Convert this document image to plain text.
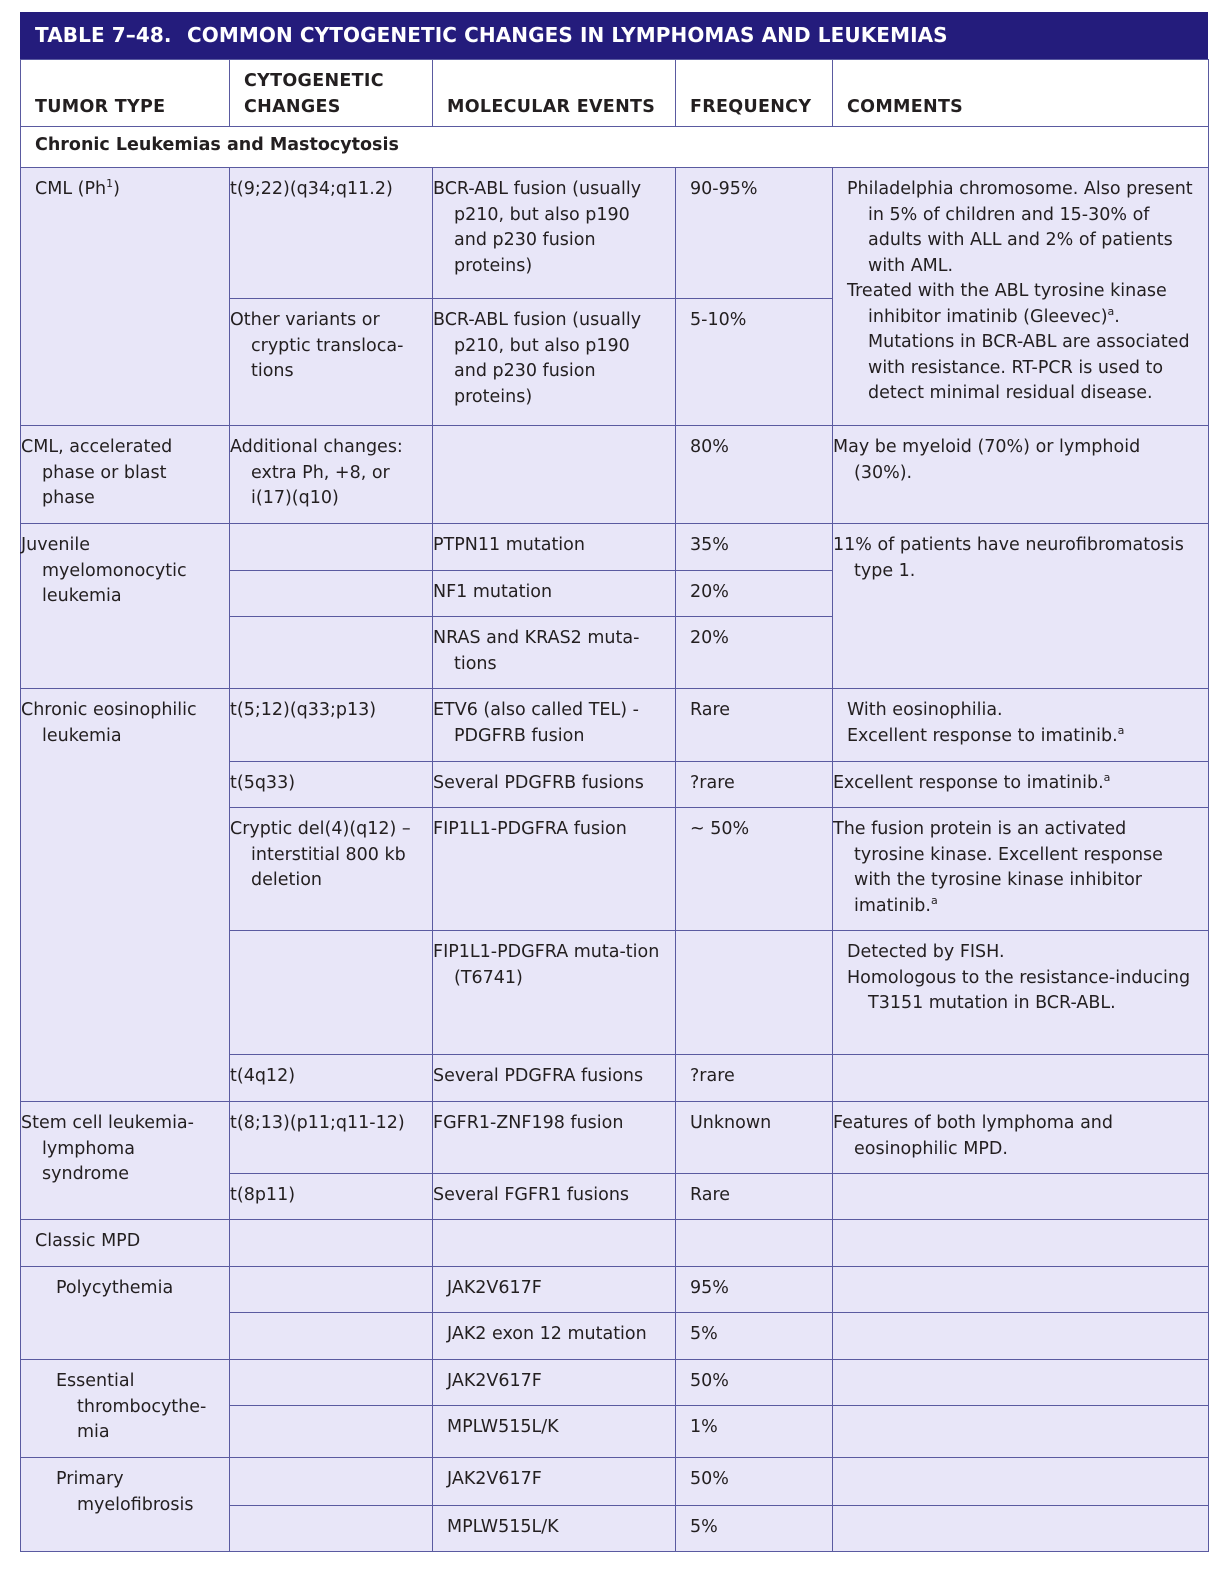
TABLE 7–48. COMMON CYTOGENETIC CHANGES IN LYMPHOMAS AND LEUKEMIAS
TUMOR TYPE	CYTOGENETIC CHANGES	MOLECULAR EVENTS	FREQUENCY	COMMENTS
Chronic Leukemias and Mastocytosis				
CML (Ph$^1$)	t(9;22)(q34;q11.2)	BCR-ABL fusion (usually p210, but also p190 and p230 fusion proteins)	90-95%	Philadelphia chromosome. Also present in 5% of children and 15-30% of adults with ALL and 2% of patients with AML.
Treated with the ABL tyrosine kinase inhibitor imatinib (Gleevec)$^a$. Mutations in BCR-ABL are associated with resistance. RT-PCR is used to detect minimal residual disease.

	Other variants or cryptic transloca-tions	BCR-ABL fusion (usually p210, but also p190 and p230 fusion proteins)	5-10%	
CML, accelerated phase or blast phase	Additional changes: extra Ph, +8, or i(17)(q10)		80%	May be myeloid (70%) or lymphoid (30%).
Juvenile myelomonocytic leukemia		PTPN11 mutation	35%	11% of patients have neurofibromatosis type 1.
		NF1 mutation	20%	
		NRAS and KRAS2 muta-tions	20%	
Chronic eosinophilic leukemia	t(5;12)(q33;p13)	ETV6 (also called TEL) - PDGFRB fusion	Rare	With eosinophilia.
Excellent response to imatinib.$^a$

	t(5q33)	Several PDGFRB fusions	?rare	Excellent response to imatinib.$^a$
	Cryptic del(4)(q12) – interstitial 800 kb deletion	FIP1L1-PDGFRA fusion	~ 50%	The fusion protein is an activated tyrosine kinase. Excellent response with the tyrosine kinase inhibitor imatinib.$^a$
		FIP1L1-PDGFRA muta-tion (T6741)		Detected by FISH.
Homologous to the resistance-inducing T3151 mutation in BCR-ABL.

	t(4q12)	Several PDGFRA fusions	?rare	
Stem cell leukemia-lymphoma syndrome	t(8;13)(p11;q11-12)	FGFR1-ZNF198 fusion	Unknown	Features of both lymphoma and eosinophilic MPD.
	t(8p11)	Several FGFR1 fusions	Rare	
Classic MPD				
Polycythemia		JAK2V617F	95%	
		JAK2 exon 12 mutation	5%	
Essential thrombocythe-mia		JAK2V617F	50%	
		MPLW515L/K	1%	
Primary myelofibrosis		JAK2V617F	50%	
		MPLW515L/K	5%	
